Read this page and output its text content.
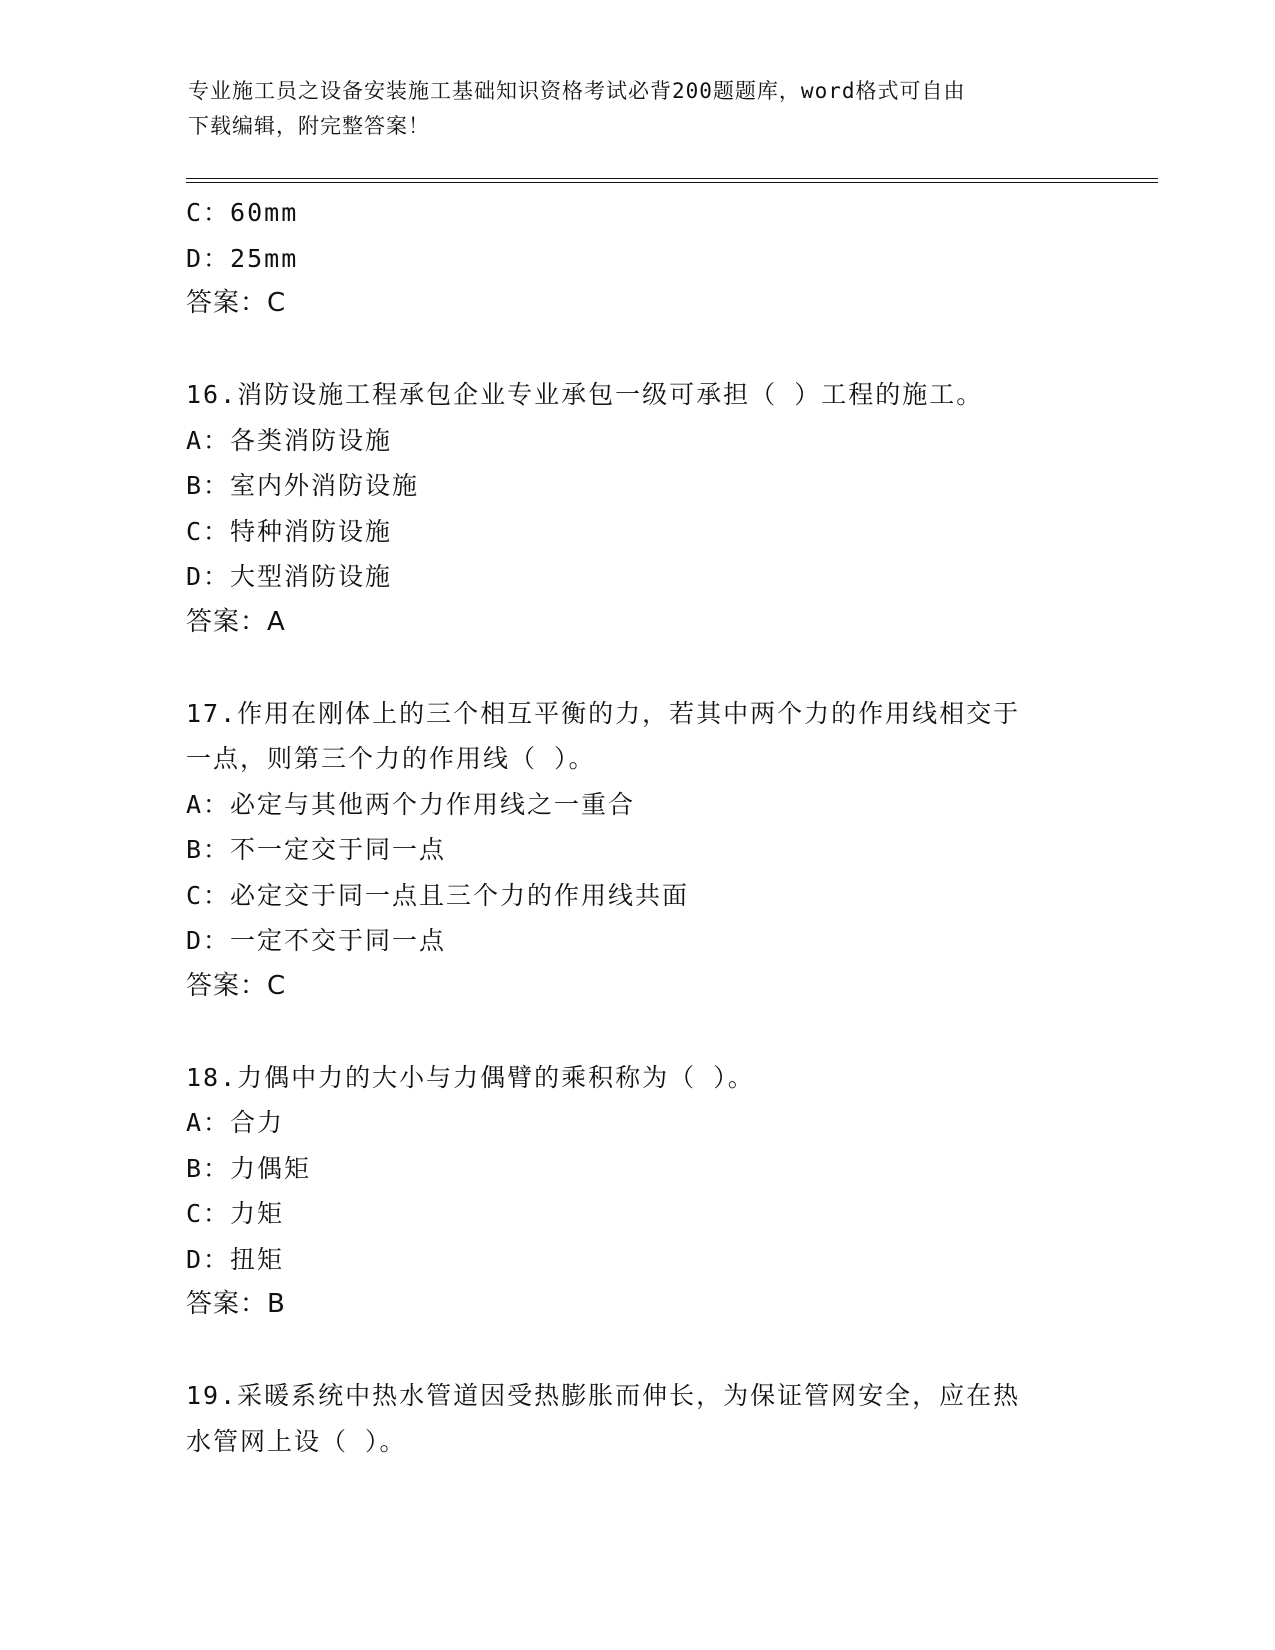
专业施工员之设备安装施工基础知识资格考试必背200题题库，word格式可自由
下载编辑，附完整答案！
C：60mm
D：25mm
答案：C
16.消防设施工程承包企业专业承包一级可承担（ ）工程的施工。
A：各类消防设施
B：室内外消防设施
C：特种消防设施
D：大型消防设施
答案：A
17.作用在刚体上的三个相互平衡的力，若其中两个力的作用线相交于
一点，则第三个力的作用线（ ）。
A：必定与其他两个力作用线之一重合
B：不一定交于同一点
C：必定交于同一点且三个力的作用线共面
D：一定不交于同一点
答案：C
18.力偶中力的大小与力偶臂的乘积称为（ ）。
A：合力
B：力偶矩
C：力矩
D：扭矩
答案：B
19.采暖系统中热水管道因受热膨胀而伸长，为保证管网安全，应在热
水管网上设（ ）。
